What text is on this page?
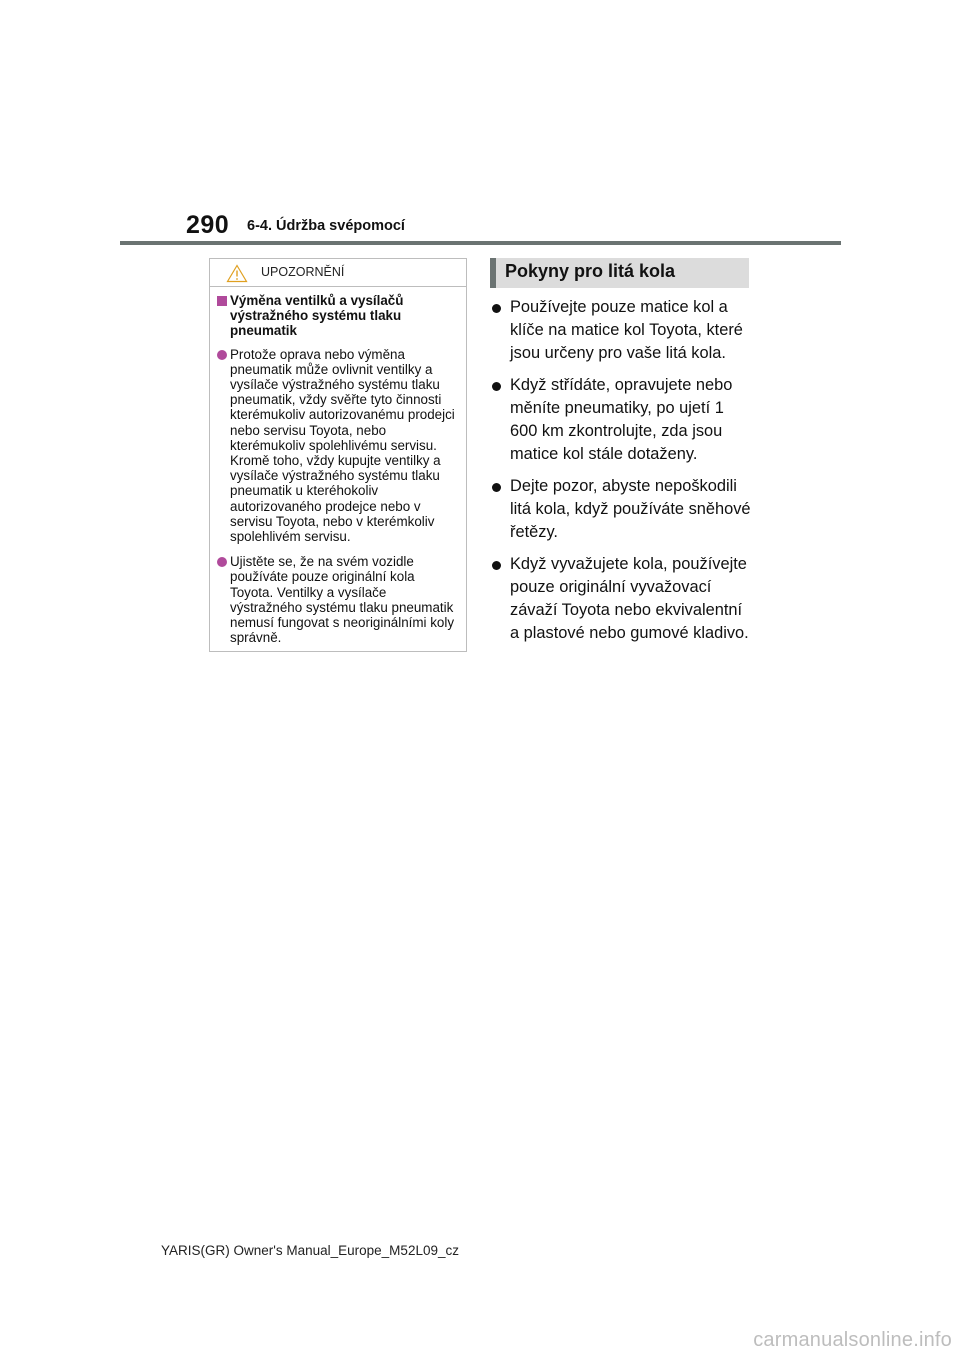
290 6-4. Údržba svépomocí
UPOZORNĚNÍ
Výměna ventilků a vysílačů výstražného systému tlaku pneumatik
Protože oprava nebo výměna pneumatik může ovlivnit ventilky a vysílače výstražného systému tlaku pneumatik, vždy svěřte tyto činnosti kterémukoliv autorizovanému prodejci nebo servisu Toyota, nebo kterémukoliv spolehlivému servisu. Kromě toho, vždy kupujte ventilky a vysílače výstražného systému tlaku pneumatik u kteréhokoliv autorizovaného prodejce nebo v servisu Toyota, nebo v kterémkoliv spolehlivém servisu.
Ujistěte se, že na svém vozidle používáte pouze originální kola Toyota. Ventilky a vysílače výstražného systému tlaku pneumatik nemusí fungovat s neoriginálními koly správně.
Pokyny pro litá kola
Používejte pouze matice kol a klíče na matice kol Toyota, které jsou určeny pro vaše litá kola.
Když střídáte, opravujete nebo měníte pneumatiky, po ujetí 1 600 km zkontrolujte, zda jsou matice kol stále dotaženy.
Dejte pozor, abyste nepoškodili litá kola, když používáte sněhové řetězy.
Když vyvažujete kola, používejte pouze originální vyvažovací závaží Toyota nebo ekvivalentní a plastové nebo gumové kladivo.
YARIS(GR) Owner's Manual_Europe_M52L09_cz
carmanualsonline.info
